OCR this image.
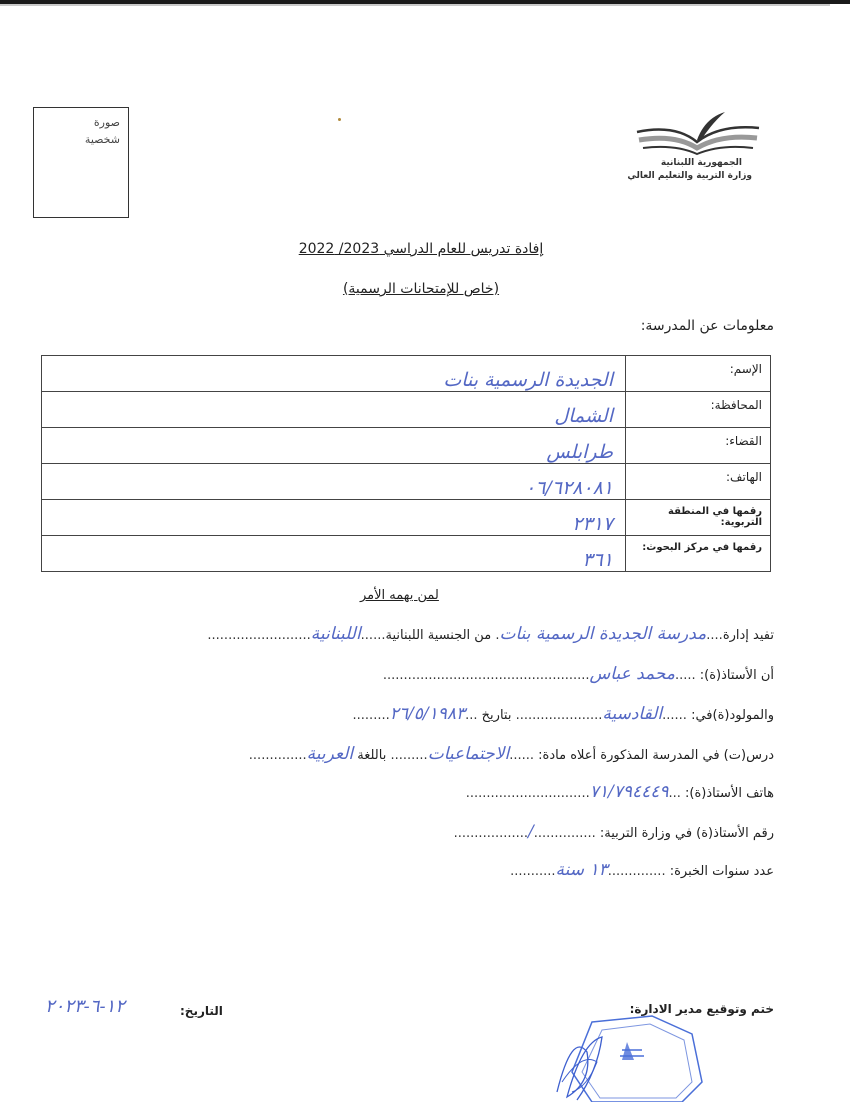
صورة
شخصية
الجمهورية اللبنانية
وزارة التربية والتعليم العالي
إفادة تدريس للعام الدراسي 2023/ 2022
(خاص للإمتحانات الرسمية)
معلومات عن المدرسة:
الإسم:	الجديدة الرسمية بنات
المحافظة:	الشمال
القضاء:	طرابلس
الهاتف:	٠٦/٦٢٨٠٨١
رقمها في المنطقة التربوية:	٢٣١٧
رقمها في مركز البحوث:	٣٦١
لمن يهمه الأمر
تفيد إدارة....مدرسة الجديدة الرسمية بنات. من الجنسية اللبنانية......اللبنانية.........................
أن الأستاذ(ة): .....محمد عباس..................................................
والمولود(ة)في: ......القادسية..................... بتاريخ ...٢٦/٥/١٩٨٣.........
درس(ت) في المدرسة المذكورة أعلاه مادة: ......الاجتماعيات......... باللغة العربية..............
هاتف الأستاذ(ة): ...٧١/٧٩٤٤٤٩..............................
رقم الأستاذ(ة) في وزارة التربية: .............../..................
عدد سنوات الخبرة: ..............١٣ سنة...........
ختم وتوقيع مدير الادارة:
التاريخ:
١٢-٦-٢٠٢٣
